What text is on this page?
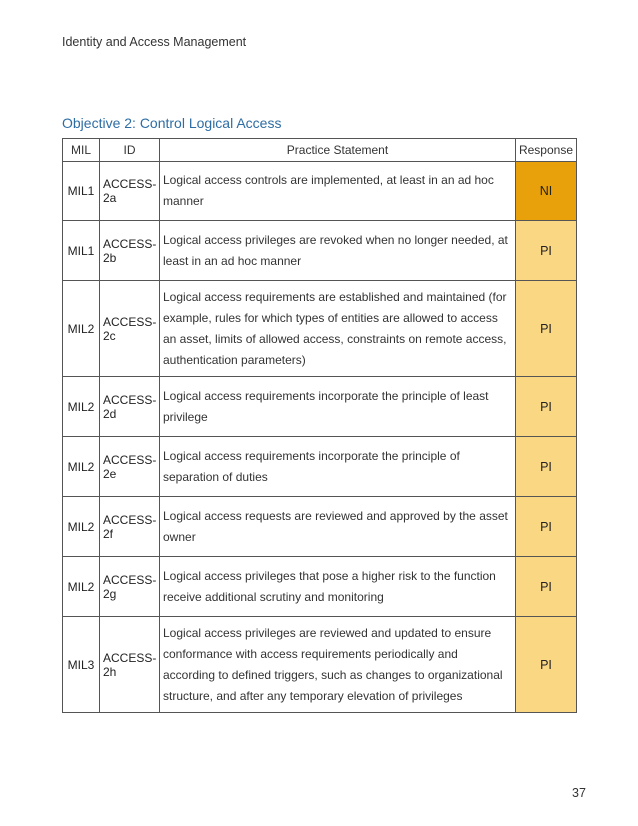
Identity and Access Management
Objective 2: Control Logical Access
MIL	ID	Practice Statement	Response
MIL1	ACCESS-2a	Logical access controls are implemented, at least in an ad hoc manner	NI
MIL1	ACCESS-2b	Logical access privileges are revoked when no longer needed, at least in an ad hoc manner	PI
MIL2	ACCESS-2c	Logical access requirements are established and maintained (for example, rules for which types of entities are allowed to access an asset, limits of allowed access, constraints on remote access, authentication parameters)	PI
MIL2	ACCESS-2d	Logical access requirements incorporate the principle of least privilege	PI
MIL2	ACCESS-2e	Logical access requirements incorporate the principle of separation of duties	PI
MIL2	ACCESS-2f	Logical access requests are reviewed and approved by the asset owner	PI
MIL2	ACCESS-2g	Logical access privileges that pose a higher risk to the function receive additional scrutiny and monitoring	PI
MIL3	ACCESS-2h	Logical access privileges are reviewed and updated to ensure conformance with access requirements periodically and according to defined triggers, such as changes to organizational structure, and after any temporary elevation of privileges	PI
37
